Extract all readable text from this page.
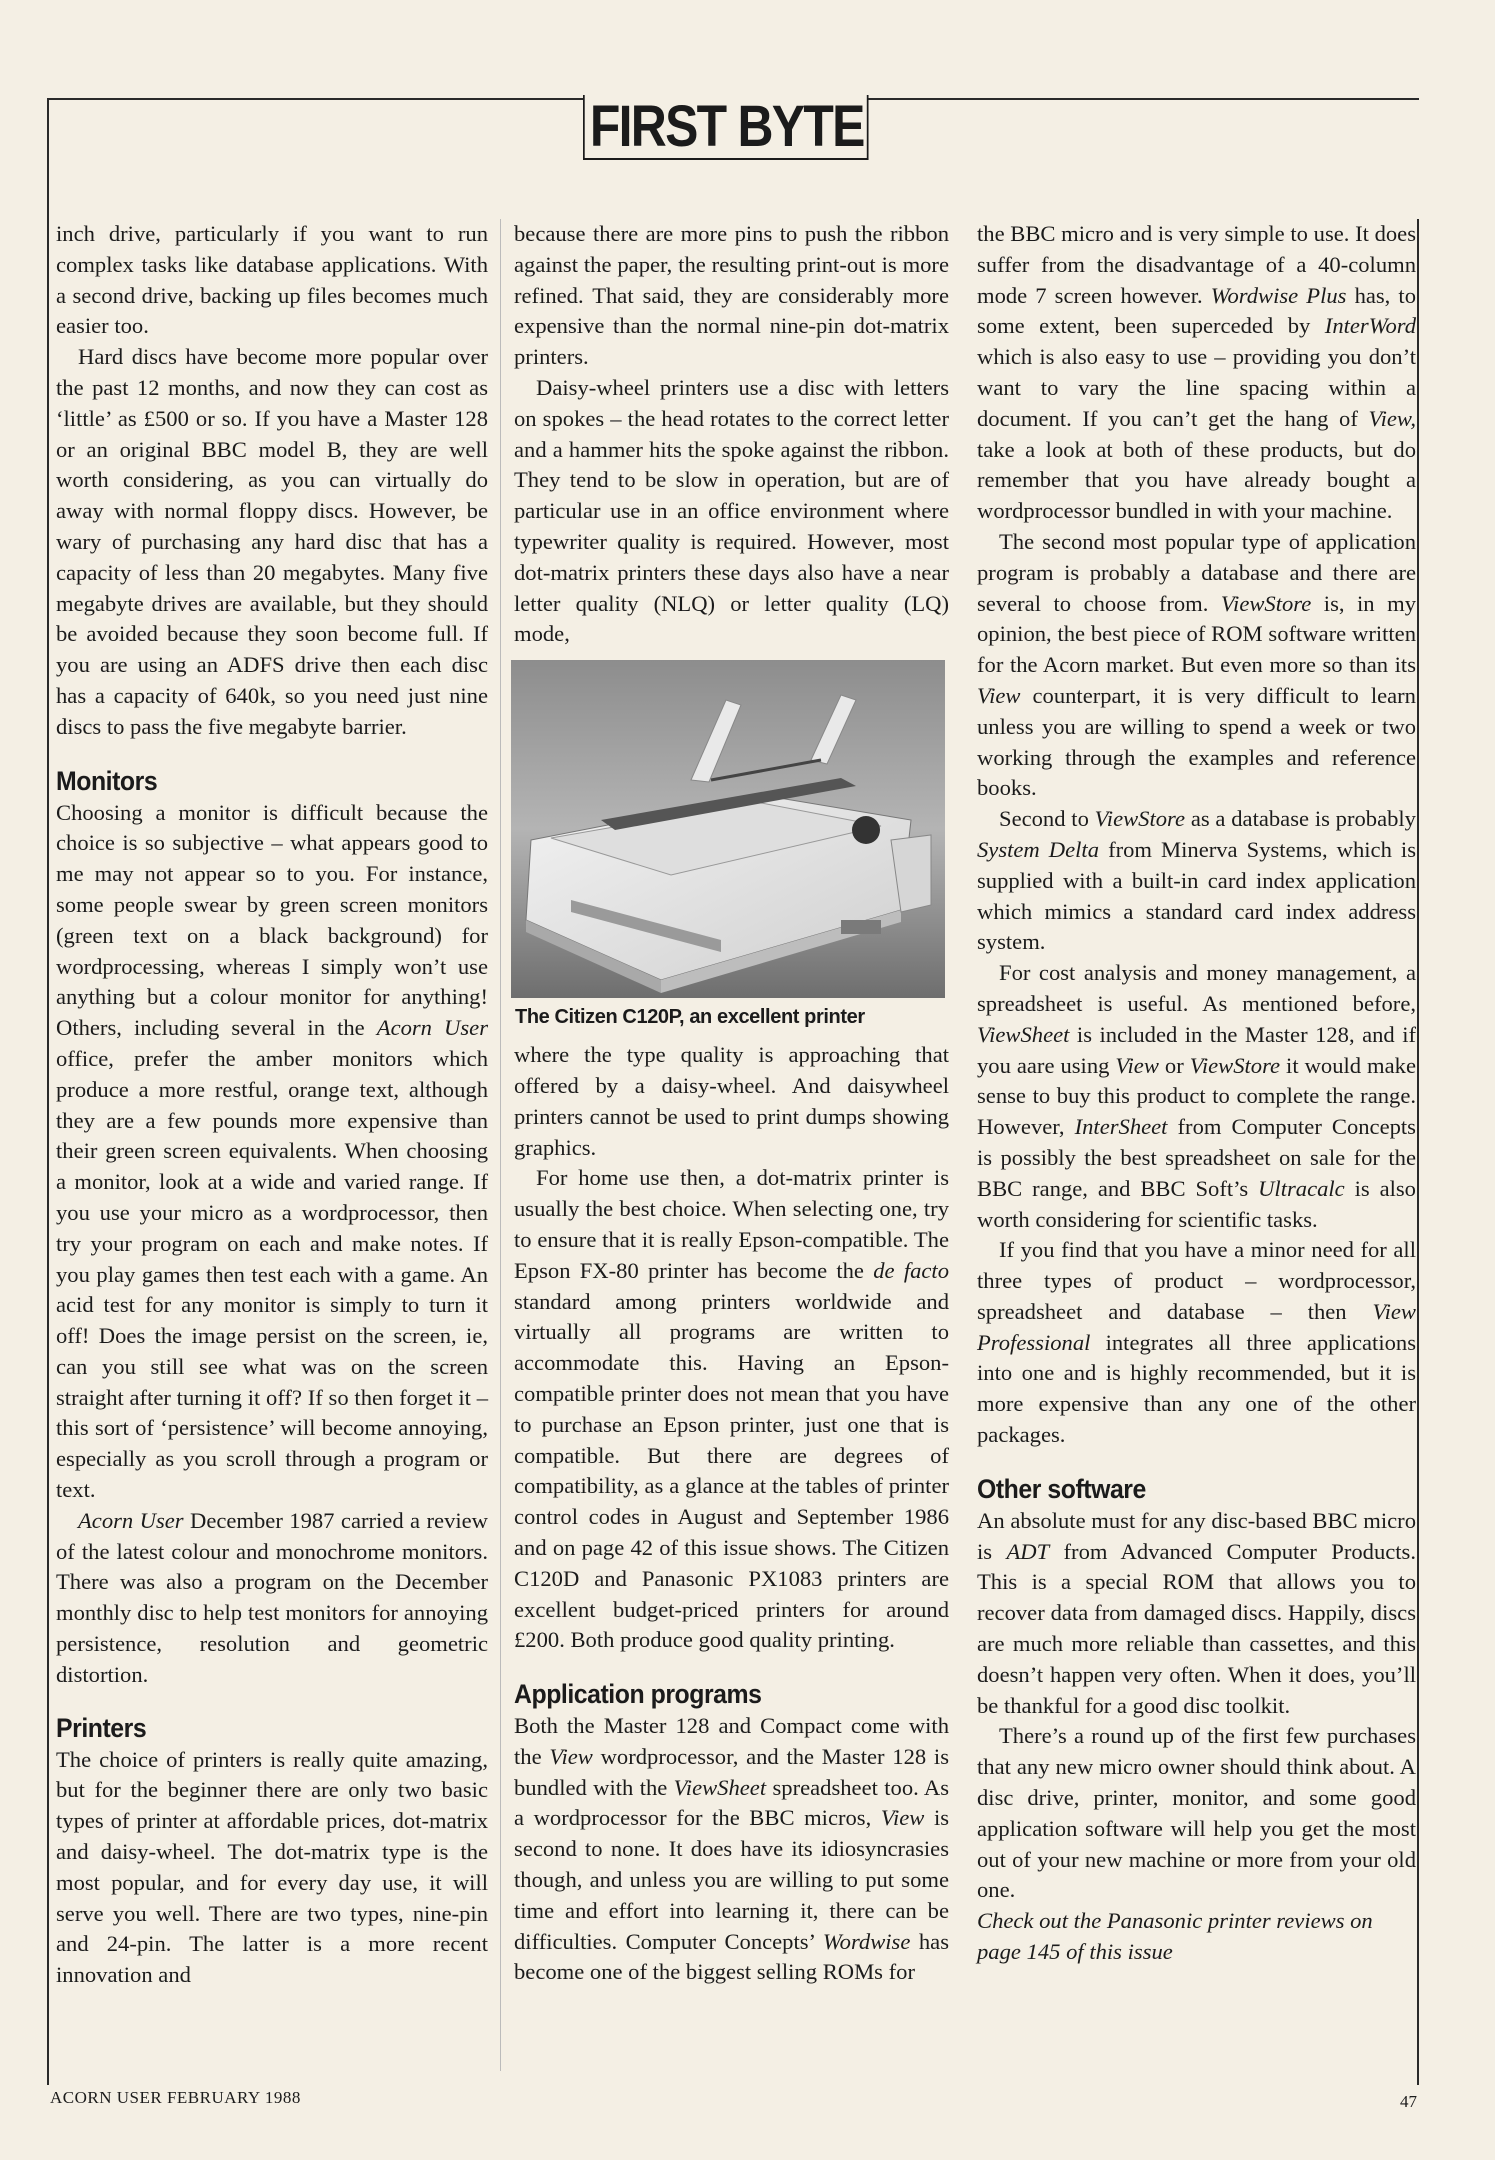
FIRST BYTE

inch drive, particularly if you want to run complex tasks like database applications. With a second drive, backing up files becomes much easier too.

Hard discs have become more popular over the past 12 months, and now they can cost as ‘little’ as £500 or so. If you have a Master 128 or an original BBC model B, they are well worth considering, as you can virtually do away with normal floppy discs. However, be wary of purchasing any hard disc that has a capacity of less than 20 megabytes. Many five megabyte drives are available, but they should be avoided because they soon become full. If you are using an ADFS drive then each disc has a capacity of 640k, so you need just nine discs to pass the five megabyte barrier.

Monitors

Choosing a monitor is difficult because the choice is so subjective – what appears good to me may not appear so to you. For instance, some people swear by green screen monitors (green text on a black background) for wordprocessing, whereas I simply won’t use anything but a colour monitor for anything! Others, including several in the Acorn User office, prefer the amber monitors which produce a more restful, orange text, although they are a few pounds more expensive than their green screen equivalents. When choosing a monitor, look at a wide and varied range. If you use your micro as a wordprocessor, then try your program on each and make notes. If you play games then test each with a game. An acid test for any monitor is simply to turn it off! Does the image persist on the screen, ie, can you still see what was on the screen straight after turning it off? If so then forget it – this sort of ‘persistence’ will become annoying, especially as you scroll through a program or text.

Acorn User December 1987 carried a review of the latest colour and monochrome monitors. There was also a program on the December monthly disc to help test monitors for annoying persistence, resolution and geometric distortion.

Printers

The choice of printers is really quite amazing, but for the beginner there are only two basic types of printer at affordable prices, dot-matrix and daisy-wheel. The dot-matrix type is the most popular, and for every day use, it will serve you well. There are two types, nine-pin and 24-pin. The latter is a more recent innovation and

because there are more pins to push the ribbon against the paper, the resulting print-out is more refined. That said, they are considerably more expensive than the normal nine-pin dot-matrix printers.

Daisy-wheel printers use a disc with letters on spokes – the head rotates to the correct letter and a hammer hits the spoke against the ribbon. They tend to be slow in operation, but are of particular use in an office environment where typewriter quality is required. However, most dot-matrix printers these days also have a near letter quality (NLQ) or letter quality (LQ) mode,

The Citizen C120P, an excellent printer

where the type quality is approaching that offered by a daisy-wheel. And daisywheel printers cannot be used to print dumps showing graphics.

For home use then, a dot-matrix printer is usually the best choice. When selecting one, try to ensure that it is really Epson-compatible. The Epson FX-80 printer has become the de facto standard among printers worldwide and virtually all programs are written to accommodate this. Having an Epson-compatible printer does not mean that you have to purchase an Epson printer, just one that is compatible. But there are degrees of compatibility, as a glance at the tables of printer control codes in August and September 1986 and on page 42 of this issue shows. The Citizen C120D and Panasonic PX1083 printers are excellent budget-priced printers for around £200. Both produce good quality printing.

Application programs

Both the Master 128 and Compact come with the View wordprocessor, and the Master 128 is bundled with the ViewSheet spreadsheet too. As a wordprocessor for the BBC micros, View is second to none. It does have its idiosyncrasies though, and unless you are willing to put some time and effort into learning it, there can be difficulties. Computer Concepts’ Wordwise has become one of the biggest selling ROMs for

the BBC micro and is very simple to use. It does suffer from the disadvantage of a 40-column mode 7 screen however. Wordwise Plus has, to some extent, been superceded by InterWord which is also easy to use – providing you don’t want to vary the line spacing within a document. If you can’t get the hang of View, take a look at both of these products, but do remember that you have already bought a wordprocessor bundled in with your machine.

The second most popular type of application program is probably a database and there are several to choose from. ViewStore is, in my opinion, the best piece of ROM software written for the Acorn market. But even more so than its View counterpart, it is very difficult to learn unless you are willing to spend a week or two working through the examples and reference books.

Second to ViewStore as a database is probably System Delta from Minerva Systems, which is supplied with a built-in card index application which mimics a standard card index address system.

For cost analysis and money management, a spreadsheet is useful. As mentioned before, ViewSheet is included in the Master 128, and if you aare using View or ViewStore it would make sense to buy this product to complete the range. However, InterSheet from Computer Concepts is possibly the best spreadsheet on sale for the BBC range, and BBC Soft’s Ultracalc is also worth considering for scientific tasks.

If you find that you have a minor need for all three types of product – wordprocessor, spreadsheet and database – then View Professional integrates all three applications into one and is highly recommended, but it is more expensive than any one of the other packages.

Other software

An absolute must for any disc-based BBC micro is ADT from Advanced Computer Products. This is a special ROM that allows you to recover data from damaged discs. Happily, discs are much more reliable than cassettes, and this doesn’t happen very often. When it does, you’ll be thankful for a good disc toolkit.

There’s a round up of the first few purchases that any new micro owner should think about. A disc drive, printer, monitor, and some good application software will help you get the most out of your new machine or more from your old one.

Check out the Panasonic printer reviews on page 145 of this issue

ACORN USER FEBRUARY 1988	47
